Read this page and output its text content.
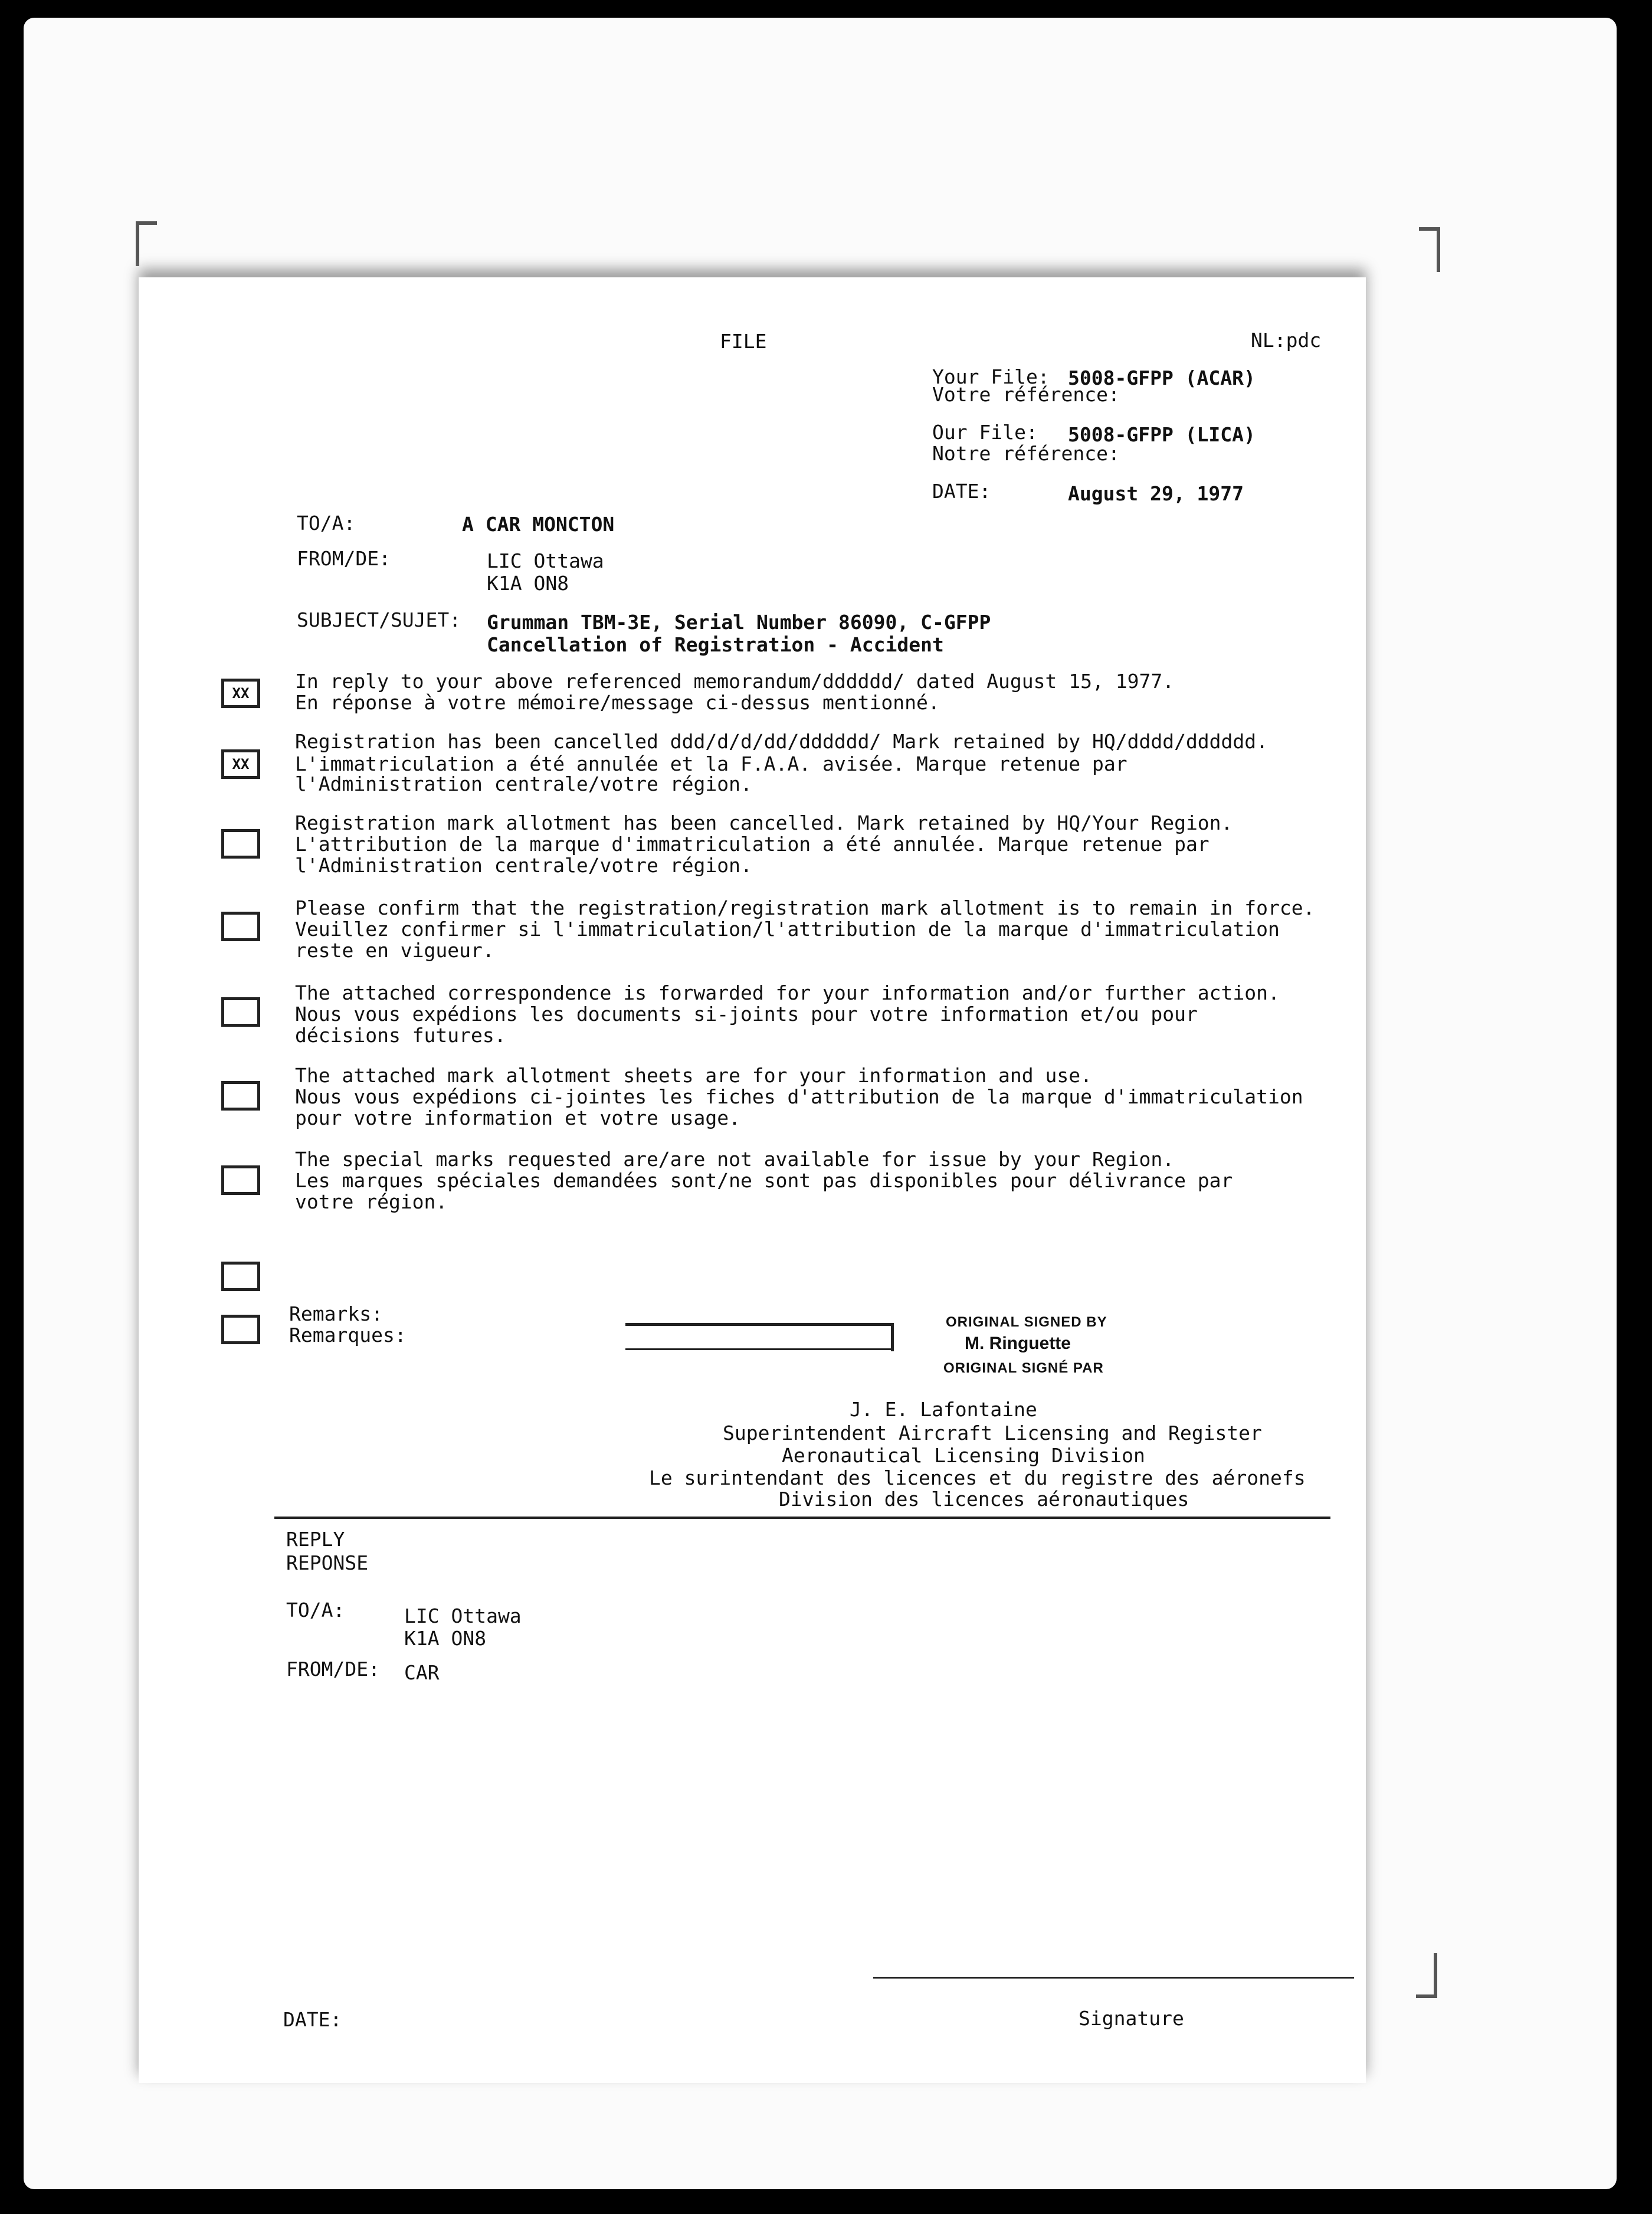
FILE	NL:pdc
Your File: 5008-GFPP (ACAR)
Votre référence:
Our File: 5008-GFPP (LICA)
Notre référence:
DATE:	August 29, 1977
TO/A:	A CAR MONCTON
FROM/DE:	LIC Ottawa
K1A ON8
SUBJECT/SUJET: Grumman TBM-3E, Serial Number 86090, C-GFPP
Cancellation of Registration - Accident
XX
In reply to your above referenced memorandum/dddddd/ dated August 15, 1977.
En réponse à votre mémoire/message ci-dessus mentionné.
XX
Registration has been cancelled ddd/d/d/dd/dddddd/ Mark retained by HQ/dddd/dddddd.
L'immatriculation a été annulée et la F.A.A. avisée. Marque retenue par
l'Administration centrale/votre région.
Registration mark allotment has been cancelled. Mark retained by HQ/Your Region.
L'attribution de la marque d'immatriculation a été annulée. Marque retenue par
l'Administration centrale/votre région.
Please confirm that the registration/registration mark allotment is to remain in force.
Veuillez confirmer si l'immatriculation/l'attribution de la marque d'immatriculation
reste en vigueur.
The attached correspondence is forwarded for your information and/or further action.
Nous vous expédions les documents si-joints pour votre information et/ou pour
décisions futures.
The attached mark allotment sheets are for your information and use.
Nous vous expédions ci-jointes les fiches d'attribution de la marque d'immatriculation
pour votre information et votre usage.
The special marks requested are/are not available for issue by your Region.
Les marques spéciales demandées sont/ne sont pas disponibles pour délivrance par
votre région.
Remarks:
Remarques:
ORIGINAL SIGNED BY
M. Ringuette
ORIGINAL SIGNÉ PAR
J. E. Lafontaine
Superintendent Aircraft Licensing and Register
Aeronautical Licensing Division
Le surintendant des licences et du registre des aéronefs
Division des licences aéronautiques
REPLY
REPONSE
TO/A:	LIC Ottawa
K1A ON8
FROM/DE: CAR
DATE:	Signature
